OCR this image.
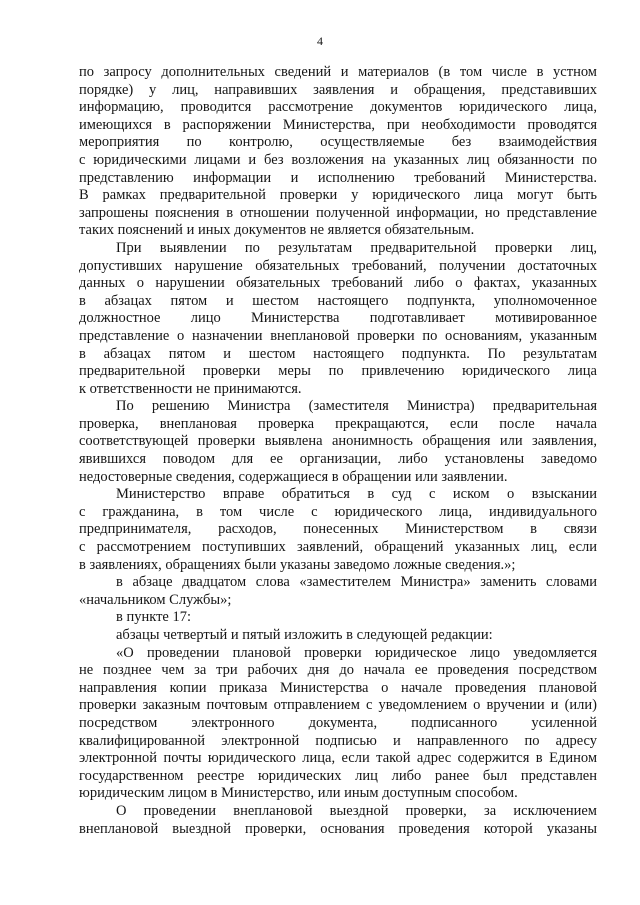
4
по запросу дополнительных сведений и материалов (в том числе в устном
порядке) у лиц, направивших заявления и обращения, представивших
информацию, проводится рассмотрение документов юридического лица,
имеющихся в распоряжении Министерства, при необходимости проводятся
мероприятия по контролю, осуществляемые без взаимодействия
с юридическими лицами и без возложения на указанных лиц обязанности по
представлению информации и исполнению требований Министерства.
В рамках предварительной проверки у юридического лица могут быть
запрошены пояснения в отношении полученной информации, но представление
таких пояснений и иных документов не является обязательным.
При выявлении по результатам предварительной проверки лиц,
допустивших нарушение обязательных требований, получении достаточных
данных о нарушении обязательных требований либо о фактах, указанных
в абзацах пятом и шестом настоящего подпункта, уполномоченное
должностное лицо Министерства подготавливает мотивированное
представление о назначении внеплановой проверки по основаниям, указанным
в абзацах пятом и шестом настоящего подпункта. По результатам
предварительной проверки меры по привлечению юридического лица
к ответственности не принимаются.
По решению Министра (заместителя Министра) предварительная
проверка, внеплановая проверка прекращаются, если после начала
соответствующей проверки выявлена анонимность обращения или заявления,
явившихся поводом для ее организации, либо установлены заведомо
недостоверные сведения, содержащиеся в обращении или заявлении.
Министерство вправе обратиться в суд с иском о взыскании
с гражданина, в том числе с юридического лица, индивидуального
предпринимателя, расходов, понесенных Министерством в связи
с рассмотрением поступивших заявлений, обращений указанных лиц, если
в заявлениях, обращениях были указаны заведомо ложные сведения.»;
в абзаце двадцатом слова «заместителем Министра» заменить словами
«начальником Службы»;
в пункте 17:
абзацы четвертый и пятый изложить в следующей редакции:
«О проведении плановой проверки юридическое лицо уведомляется
не позднее чем за три рабочих дня до начала ее проведения посредством
направления копии приказа Министерства о начале проведения плановой
проверки заказным почтовым отправлением с уведомлением о вручении и (или)
посредством электронного документа, подписанного усиленной
квалифицированной электронной подписью и направленного по адресу
электронной почты юридического лица, если такой адрес содержится в Едином
государственном реестре юридических лиц либо ранее был представлен
юридическим лицом в Министерство, или иным доступным способом.
О проведении внеплановой выездной проверки, за исключением
внеплановой выездной проверки, основания проведения которой указаны
